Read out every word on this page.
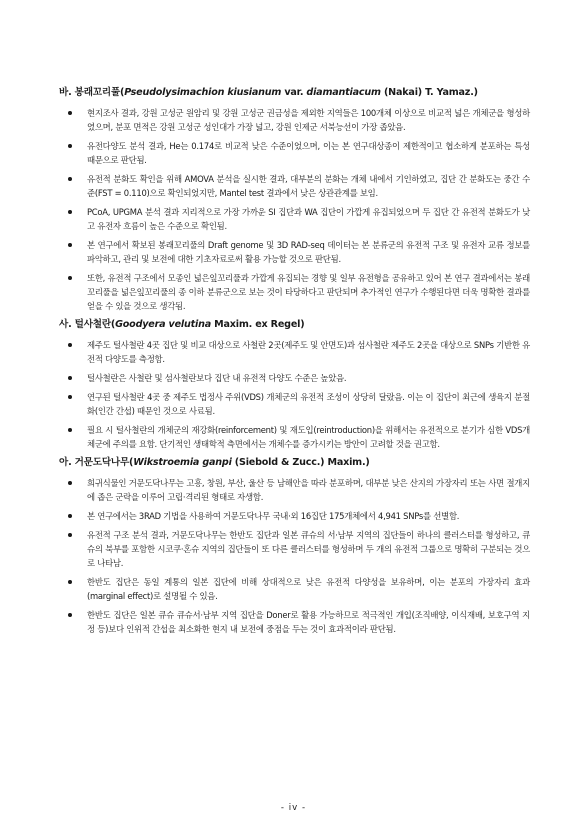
바. 봉래꼬리풀(Pseudolysimachion kiusianum var. diamantiacum (Nakai) T. Yamaz.)
현지조사 결과, 강원 고성군 원암리 및 강원 고성군 권금성을 제외한 지역들은 100개체 이상으로 비교적 넓은 개체군을 형성하였으며, 분포 면적은 강원 고성군 성인대가 가장 넓고, 강원 인제군 서북능선이 가장 좁았음.
유전다양도 분석 결과, He는 0.174로 비교적 낮은 수준이었으며, 이는 본 연구대상종이 제한적이고 협소하게 분포하는 특성 때문으로 판단됨.
유전적 분화도 확인을 위해 AMOVA 분석을 실시한 결과, 대부분의 분화는 개체 내에서 기인하였고, 집단 간 분화도는 중간 수준(FST = 0.110)으로 확인되었지만, Mantel test 결과에서 낮은 상관관계를 보임.
PCoA, UPGMA 분석 결과 지리적으로 가장 가까운 SI 집단과 WA 집단이 가깝게 유집되었으며 두 집단 간 유전적 분화도가 낮고 유전자 흐름이 높은 수준으로 확인됨.
본 연구에서 확보된 봉래꼬리풀의 Draft genome 및 3D RAD-seq 데이터는 본 분류군의 유전적 구조 및 유전자 교류 정보를 파악하고, 관리 및 보전에 대한 기초자료로써 활용 가능할 것으로 판단됨.
또한, 유전적 구조에서 모종인 넓은잎꼬리풀과 가깝게 유집되는 경향 및 일부 유전형을 공유하고 있어 본 연구 결과에서는 봉래꼬리풀을 넓은잎꼬리풀의 종 이하 분류군으로 보는 것이 타당하다고 판단되며 추가적인 연구가 수행된다면 더욱 명확한 결과를 얻을 수 있을 것으로 생각됨.
사. 털사철란(Goodyera velutina Maxim. ex Regel)
제주도 털사철란 4곳 집단 및 비교 대상으로 사철란 2곳(제주도 및 안면도)과 섬사철란 제주도 2곳을 대상으로 SNPs 기반한 유전적 다양도를 측정함.
털사철란은 사철란 및 섬사철란보다 집단 내 유전적 다양도 수준은 높았음.
연구된 털사철란 4곳 중 제주도 법정사 주위(VDS) 개체군의 유전적 조성이 상당히 달랐음. 이는 이 집단이 최근에 생육지 분절화(인간 간섭) 때문인 것으로 사료됨.
필요 시 털사철란의 개체군의 재강화(reinforcement) 및 재도입(reintroduction)을 위해서는 유전적으로 분기가 심한 VDS개체군에 주의를 요함. 단기적인 생태학적 측면에서는 개체수를 증가시키는 방안이 고려할 것을 권고함.
아. 거문도닥나무(Wikstroemia ganpi (Siebold & Zucc.) Maxim.)
희귀식물인 거문도닥나무는 고흥, 창원, 부산, 울산 등 남해안을 따라 분포하며, 대부분 낮은 산지의 가장자리 또는 사면 절개지에 좁은 군락을 이루어 고립·격리된 형태로 자생함.
본 연구에서는 3RAD 기법을 사용하여 거문도닥나무 국내·외 16집단 175개체에서 4,941 SNPs를 선별함.
유전적 구조 분석 결과, 거문도닥나무는 한반도 집단과 일본 큐슈의 서·남부 지역의 집단들이 하나의 클러스터를 형성하고, 큐슈의 북부를 포함한 시코쿠·혼슈 지역의 집단들이 또 다른 클러스터를 형성하며 두 개의 유전적 그룹으로 명확히 구분되는 것으로 나타남.
한반도 집단은 동일 계통의 일본 집단에 비해 상대적으로 낮은 유전적 다양성을 보유하며, 이는 분포의 가장자리 효과(marginal effect)로 설명될 수 있음.
한반도 집단은 일본 큐슈 큐슈서·남부 지역 집단을 Doner로 활용 가능하므로 적극적인 개입(조직배양, 이식재배, 보호구역 지정 등)보다 인위적 간섭을 최소화한 현지 내 보전에 중점을 두는 것이 효과적이라 판단됨.
- iv -
